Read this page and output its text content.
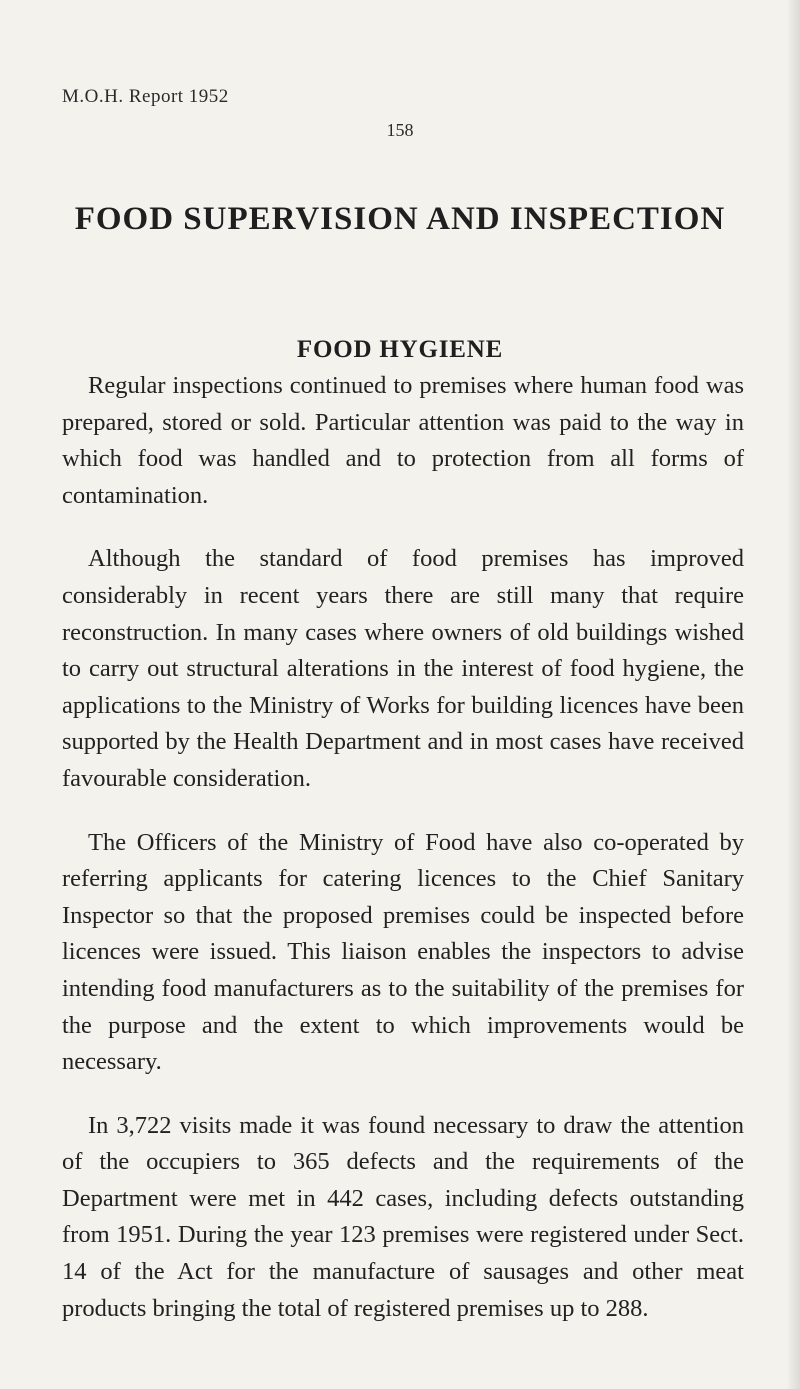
M.O.H. Report 1952
158
FOOD SUPERVISION AND INSPECTION
FOOD HYGIENE

Regular inspections continued to premises where human food was prepared, stored or sold. Particular attention was paid to the way in which food was handled and to protection from all forms of contamination.

Although the standard of food premises has improved considerably in recent years there are still many that require reconstruction. In many cases where owners of old buildings wished to carry out structural alterations in the interest of food hygiene, the applications to the Ministry of Works for building licences have been supported by the Health Department and in most cases have received favourable consideration.

The Officers of the Ministry of Food have also co-operated by referring applicants for catering licences to the Chief Sanitary Inspector so that the proposed premises could be inspected before licences were issued. This liaison enables the inspectors to advise intending food manufacturers as to the suitability of the premises for the purpose and the extent to which improvements would be necessary.

In 3,722 visits made it was found necessary to draw the attention of the occupiers to 365 defects and the requirements of the Department were met in 442 cases, including defects outstanding from 1951. During the year 123 premises were registered under Sect. 14 of the Act for the manufacture of sausages and other meat products bringing the total of registered premises up to 288.
